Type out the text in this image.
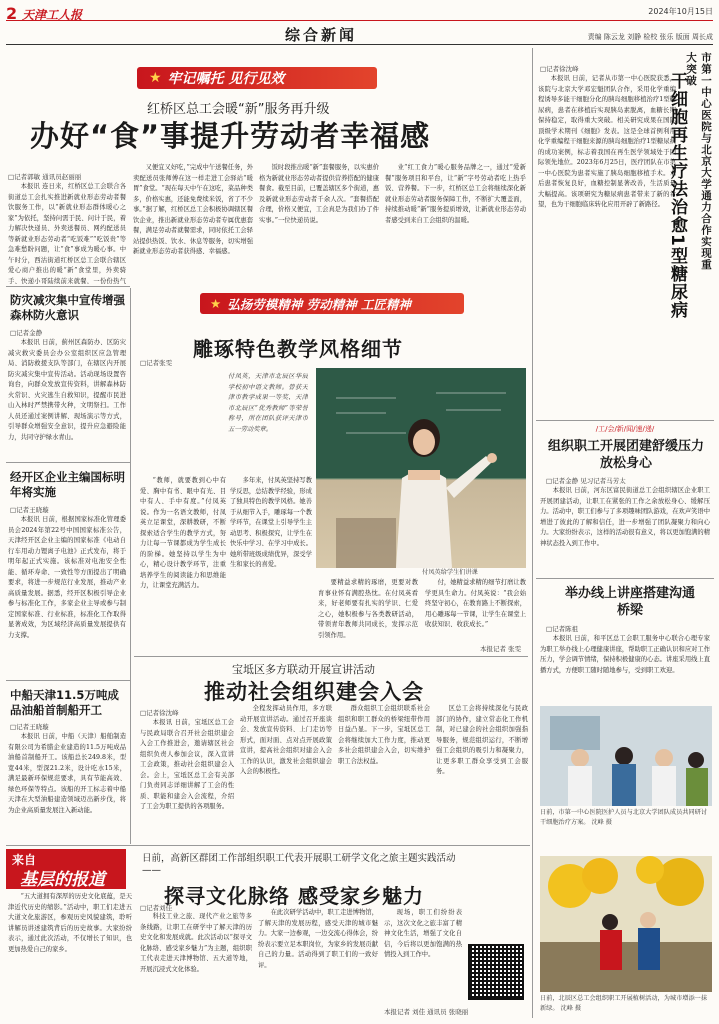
2 天津工人报	2024年10月15日
综合新闻	责编 陈云龙 刘静 检校 张乐 版面 周长成
★ 牢记嘱托 见行见效
红桥区总工会暖“新”服务再升级
办好“食”事提升劳动者幸福感
□记者郭敏 通讯员赵丽丽
本报讯 连日来，红桥区总工会联合各街道总工会扎实推进新就业形态劳动者餐饮服务工作，以“新就业形态群体暖心之家”为依托，坚持问需于民、问计于民，着力解决快递员、外卖送餐员、网约配送员等新就业形态劳动者“吃饭难”“吃饭贵”等急难愁盼问题，让“食”事成为暖心事。中午时分，西沽街道红桥区总工会联合辖区爱心商户推出的暖“新”食堂里，外卖骑手、快递小哥陆续前来就餐，一份份热气
又便宜又好吃，”完成中午送餐任务，外卖配送员张师傅在这一样走进工会驿站“暖胃”食堂。“现在每天中午在这吃，菜品种类多，价格实惠，还能免费续米饭，省了不少事。”据了解，红桥区总工会积极协调辖区餐饮企业，推出新就业形态劳动者专属优惠套餐，满足劳动者就餐需求，同时依托工会驿站提供热饭、饮水、休息等服务，切实增强新就业形态劳动者获得感、幸福感。
饭时段推出暖“新”套餐服务，以实惠价格为新就业形态劳动者提供营养搭配的健康餐食。截至目前，已覆盖辖区多个街道，惠及新就业形态劳动者千余人次。“套餐搭配合理，价格又便宜，工会真是为我们办了件实事。”一位快递员说。
业“红工食力”暖心服务品牌之一，通过“爱新餐”服务项目和平台，让“新”字号劳动者吃上热乎饭、营养餐。下一步，红桥区总工会将继续深化新就业形态劳动者服务保障工作，不断扩大覆盖面，持续推动暖“新”服务提质增效，让新就业形态劳动者感受到来自工会组织的温暖。
防灾减灾集中宣传增强森林防火意识
□记者金静
本报讯 日前，蓟州区森防办、区防灾减灾救灾委员会办公室组织区应急管理局、消防救援支队等部门，在辖区内开展防灾减灾集中宣传活动。活动现场设置咨询台，向群众发放宣传资料，讲解森林防火常识、火灾逃生自救知识，提醒市民进山入林时严禁携带火种，文明祭扫。工作人员还通过案例讲解、现场演示等方式，引导群众增强安全意识，提升应急避险能力，共同守护绿水青山。
经开区企业主编国标明年将实施
□记者王晓璇
本报讯 日前，根据国家标准化管理委员会2024年第22号中国国家标准公告，天津经开区企业主编的国家标准《电动自行车用动力锂离子电池》正式发布，将于明年起正式实施。该标准对电池安全性能、循环寿命、一致性等方面提出了明确要求，将进一步规范行业发展，推动产业高质量发展。据悉，经开区积极引导企业参与标准化工作，多家企业主导或参与制定国家标准、行业标准，标准化工作取得显著成效，为区域经济高质量发展提供有力支撑。
中船天津11.5万吨成品油船首制船开工
□记者王晓璇
本报讯 日前，中船（天津）船舶制造有限公司为希腊企业建造的11.5万吨成品油船首制船开工。该船总长249.8米，型宽44米，型深21.2米，设计吃水15米，满足最新环保规范要求，具有节能高效、绿色环保等特点。该船的开工标志着中船天津在大型油船建造领域迈出新步伐，将为企业高质量发展注入新动能。
★ 弘扬劳模精神 劳动精神 工匠精神
雕琢特色教学风格细节
□记者张雯
付凤英，天津市北辰区华辰学校初中语文教师。曾获天津市教学成果一等奖、天津市北辰区“优秀教师”等荣誉称号，所在团队获评天津市五一劳动奖章。
付凤英给学生们讲课
“教师，就要教到心中有爱、胸中有书、眼中有光、目中有人、手中有度。”付凤英说。作为一名语文教师，付凤英立足课堂，深耕教研，不断探索适合学生的教学方式，努力让每一节课都成为学生成长的阶梯。她坚持以学生为中心，精心设计教学环节，注重培养学生的阅读能力和思维能力，让课堂充满活力。
多年来，付凤英坚持写教学反思，总结教学经验，形成了独具特色的教学风格。她善于从细节入手，雕琢每一个教学环节，在课堂上引导学生主动思考、积极探究，让学生在快乐中学习、在学习中成长。她所带班级成绩优异，深受学生和家长的喜爱。
要精益求精的琢磨，更要对教育事业怀有满腔热忱。在付凤英看来，好老师要有扎实的学识、仁爱之心，她积极参与各类教研活动，带领青年教师共同成长，发挥示范引领作用。
付，她精益求精的细节打磨让教学更具生命力。付凤英说：“我会始终坚守初心，在教育路上不断探索，用心雕琢每一节课，让学生在课堂上收获知识、收获成长。”
本报记者 张雯
宝坻区多方联动开展宣讲活动
推动社会组织建会入会
□记者徐沈峰
本报讯 日前，宝坻区总工会与民政局联合召开社会组织建会入会工作推进会，邀请辖区社会组织负责人参加会议，深入宣讲工会政策，推动社会组织建会入会。会上，宝坻区总工会有关部门负责同志详细讲解了工会的性质、职能和建会入会流程，介绍了工会为职工提供的各项服务。
全程发挥动员作用，多方联动开展宣讲活动。通过召开座谈会、发放宣传资料、上门走访等形式，面对面、点对点开展政策宣讲，提高社会组织对建会入会工作的认识，激发社会组织建会入会的积极性。
群众组织工会组织联系社会组织和职工群众的桥梁纽带作用日益凸显。下一步，宝坻区总工会将继续加大工作力度，推动更多社会组织建会入会，切实维护职工合法权益。
区总工会将持续深化与民政部门的协作，建立常态化工作机制，对已建会的社会组织加强指导服务，规范组织运行，不断增强工会组织的吸引力和凝聚力，让更多职工群众享受到工会服务。
来自
基层的报道
日前，高新区群团工作部组织职工代表开展职工研学文化之旅主题实践活动——
探寻文化脉络 感受家乡魅力
□记者刘佳
“五大道拥有深厚的历史文化底蕴，是天津近代历史的缩影。”活动中，职工们走进五大道文化旅游区，参观历史风貌建筑，聆听讲解员讲述建筑背后的历史故事。大家纷纷表示，通过此次活动，不仅增长了知识，也更加热爱自己的家乡。
科技工业之旅、现代产业之旅等多条线路，让职工在研学中了解天津的历史文化和发展成就。此次活动以“探寻文化脉络、感受家乡魅力”为主题，组织职工代表走进天津博物馆、五大道等地，开展沉浸式文化体验。
在此次研学活动中，职工走进博物馆，了解天津的发展历程，感受天津的城市魅力。大家一边参观，一边交流心得体会，纷纷表示要立足本职岗位，为家乡的发展贡献自己的力量。活动得到了职工们的一致好评。
现场，职工们纷纷表示，这次文化之旅丰富了精神文化生活，增强了文化自信，今后将以更加饱满的热情投入到工作中。
本报记者 刘佳 通讯员 张晓丽
□记者徐沈峰
本报讯 日前，记者从市第一中心医院获悉，该院与北京大学邓宏魁团队合作，采用化学重编程诱导多能干细胞分化的胰岛细胞移植治疗1型糖尿病，患者在移植后实现胰岛素脱离，血糖长期保持稳定，取得重大突破。相关研究成果在国际顶级学术期刊《细胞》发表。这是全球首例利用化学重编程干细胞来源的胰岛细胞治疗1型糖尿病的成功案例，标志着我国在再生医学领域处于国际领先地位。2023年6月25日，医疗团队在市第一中心医院为患者实施了胰岛细胞移植手术。术后患者恢复良好，血糖控制显著改善，生活质量大幅提高。该项研究为糖尿病患者带来了新的希望，也为干细胞临床转化应用开辟了新路径。	市第一中心医院与北京大学通力合作实现重大突破
干细胞再生疗法治愈1型糖尿病
/工/会/新/闻/速/递/
组织职工开展团建舒缓压力放松身心
□记者金静 见习记者马芳太
本报讯 日前，河东区富民街道总工会组织辖区企业职工开展团建活动，让职工在紧张的工作之余放松身心、缓解压力。活动中，职工们参与了多项趣味团队游戏，在欢声笑语中增进了彼此的了解和信任，进一步增强了团队凝聚力和向心力。大家纷纷表示，这样的活动很有意义，将以更加饱满的精神状态投入到工作中。
举办线上讲座搭建沟通桥梁
□记者陈祖
本报讯 日前，和平区总工会职工服务中心联合心理专家为职工举办线上心理健康讲座，帮助职工正确认识和应对工作压力，学会调节情绪，保持积极健康的心态。讲座采用线上直播方式，方便职工随时随地参与，受到职工欢迎。
日前，市第一中心医院医护人员与北京大学团队成员共同研讨干细胞治疗方案。 沈峰 摄
日前，北辰区总工会组织职工开展植树活动，为城市增添一抹新绿。 沈峰 摄
